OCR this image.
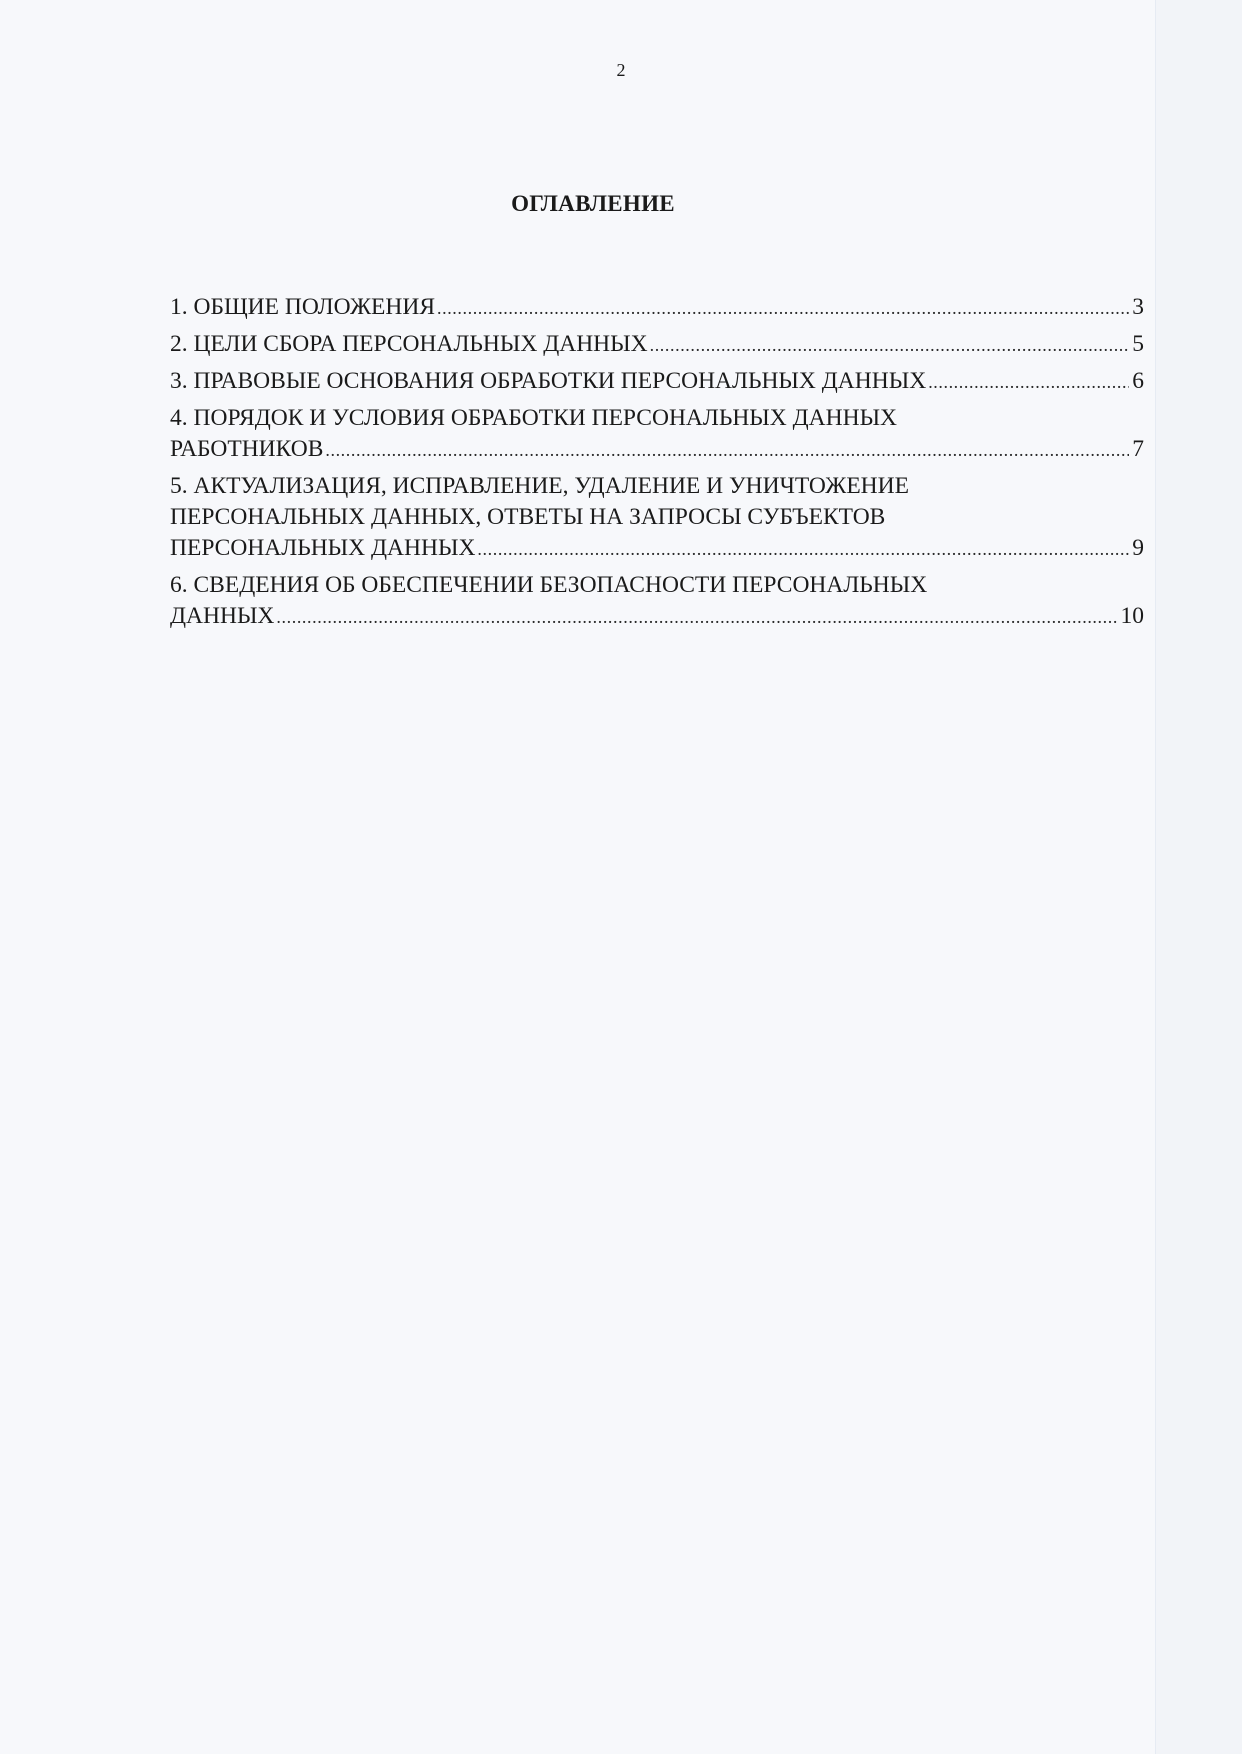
2
ОГЛАВЛЕНИЕ
1. ОБЩИЕ ПОЛОЖЕНИЯ .....	3
2. ЦЕЛИ СБОРА ПЕРСОНАЛЬНЫХ ДАННЫХ .....	5
3. ПРАВОВЫЕ ОСНОВАНИЯ ОБРАБОТКИ ПЕРСОНАЛЬНЫХ ДАННЫХ .....	6
4. ПОРЯДОК И УСЛОВИЯ ОБРАБОТКИ ПЕРСОНАЛЬНЫХ ДАННЫХ
РАБОТНИКОВ .....	7
5. АКТУАЛИЗАЦИЯ, ИСПРАВЛЕНИЕ, УДАЛЕНИЕ И УНИЧТОЖЕНИЕ
ПЕРСОНАЛЬНЫХ ДАННЫХ, ОТВЕТЫ НА ЗАПРОСЫ СУБЪЕКТОВ
ПЕРСОНАЛЬНЫХ ДАННЫХ .....	9
6. СВЕДЕНИЯ ОБ ОБЕСПЕЧЕНИИ БЕЗОПАСНОСТИ ПЕРСОНАЛЬНЫХ
ДАННЫХ .....	10
